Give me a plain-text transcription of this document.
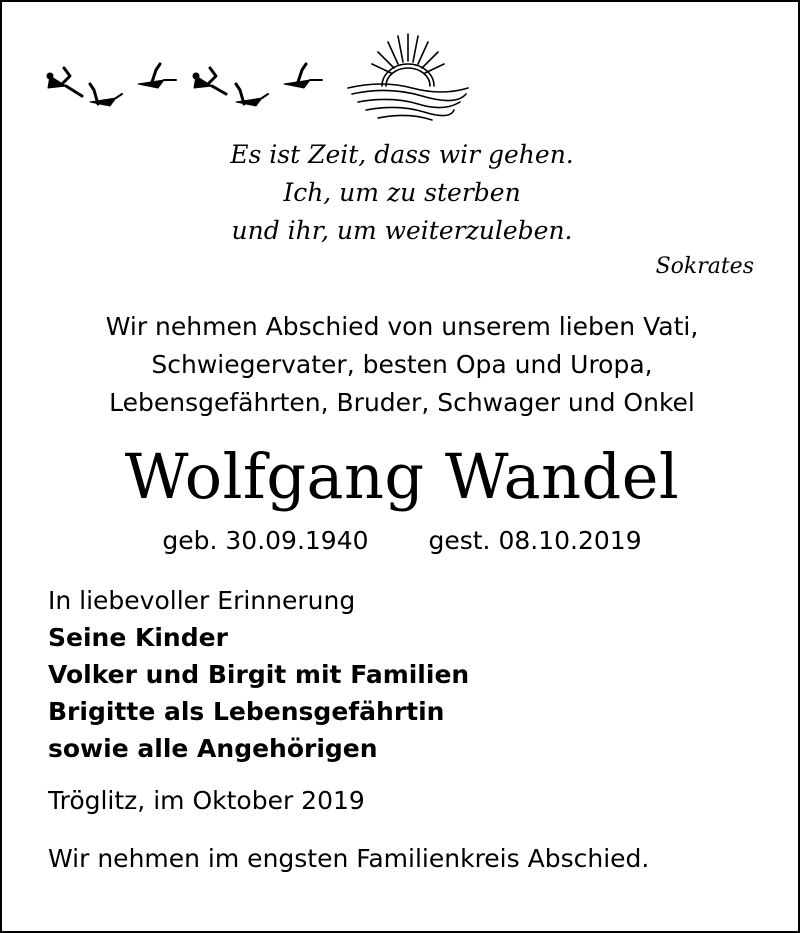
Es ist Zeit, dass wir gehen.
Ich, um zu sterben
und ihr, um weiterzuleben.
Sokrates
Wir nehmen Abschied von unserem lieben Vati,
Schwiegervater, besten Opa und Uropa,
Lebensgefährten, Bruder, Schwager und Onkel
Wolfgang Wandel
geb. 30.09.1940 gest. 08.10.2019
In liebevoller Erinnerung
Seine Kinder
Volker und Birgit mit Familien
Brigitte als Lebensgefährtin
sowie alle Angehörigen
Tröglitz, im Oktober 2019
Wir nehmen im engsten Familienkreis Abschied.
